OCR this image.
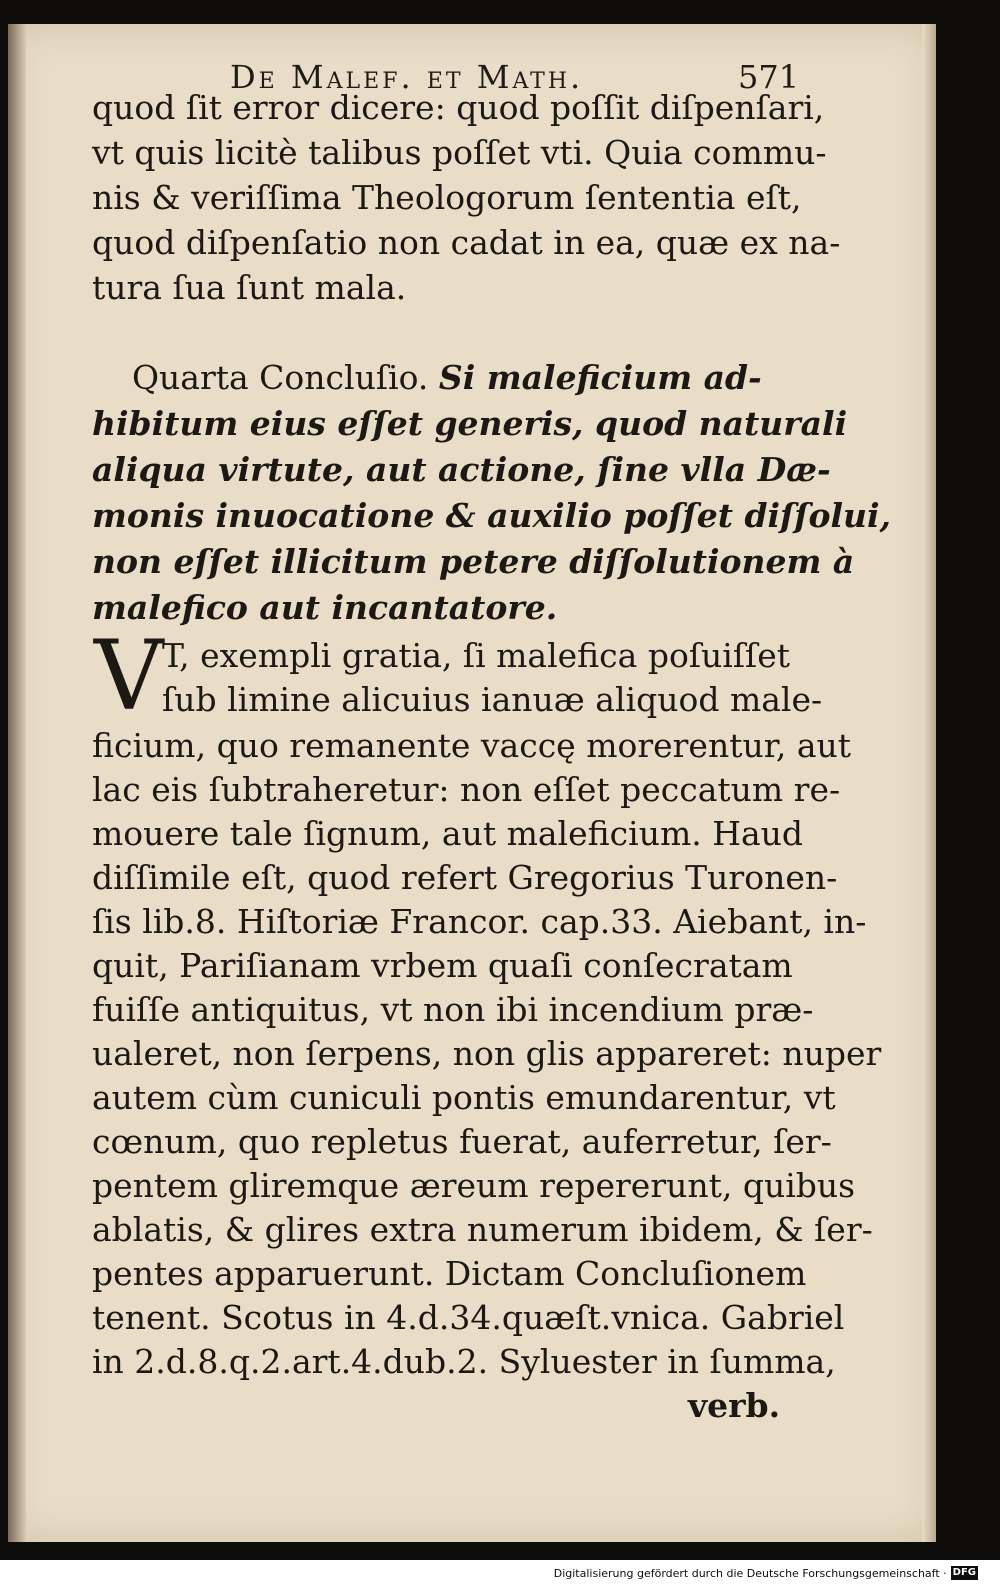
De Malef. et Math.	571

quod ſit error dicere: quod poſſit diſpenſari,

vt quis licitè talibus poſſet vti. Quia commu-

nis & veriſſima Theologorum ſententia eſt,

quod diſpenſatio non cadat in ea, quæ ex na-

tura ſua ſunt mala.

Quarta Concluſio. Si maleficium ad-

hibitum eius eſſet generis, quod naturali

aliqua virtute, aut actione, ſine vlla Dæ-

monis inuocatione & auxilio poſſet diſſolui,

non eſſet illicitum petere diſſolutionem à

malefico aut incantatore.

V

T, exempli gratia, ſi malefica poſuiſſet

ſub limine alicuius ianuæ aliquod male-

ficium, quo remanente vaccę morerentur, aut

lac eis ſubtraheretur: non eſſet peccatum re-

mouere tale ſignum, aut maleficium. Haud

diſſimile eſt, quod refert Gregorius Turonen-

ſis lib.8. Hiſtoriæ Francor. cap.33. Aiebant, in-

quit, Pariſianam vrbem quaſi conſecratam

fuiſſe antiquitus, vt non ibi incendium præ-

ualeret, non ſerpens, non glis appareret: nuper

autem cùm cuniculi pontis emundarentur, vt

cœnum, quo repletus fuerat, auferretur, ſer-

pentem gliremque æreum repererunt, quibus

ablatis, & glires extra numerum ibidem, & ſer-

pentes apparuerunt. Dictam Concluſionem

tenent. Scotus in 4.d.34.quæſt.vnica. Gabriel

in 2.d.8.q.2.art.4.dub.2. Syluester in ſumma,

verb.

Digitalisierung gefördert durch die Deutsche Forschungsgemeinschaft · DFG
